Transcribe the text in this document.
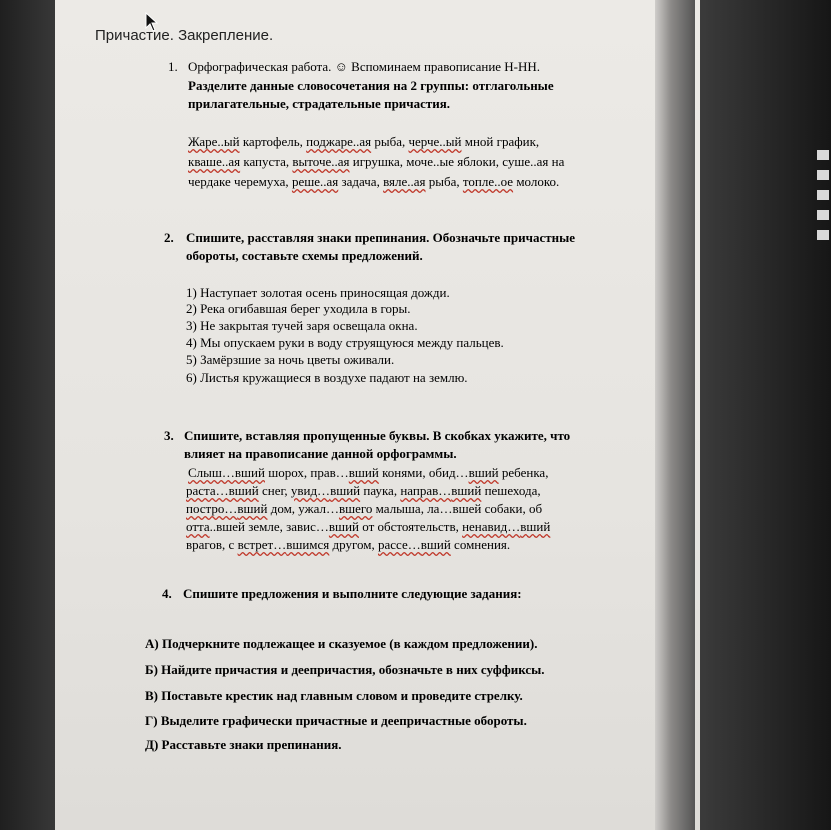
Причастие. Закрепление.
1. Орфографическая работа. ☺ Вспоминаем правописание Н-НН.
Разделите данные словосочетания на 2 группы: отглагольные
прилагательные, страдательные причастия.
Жаре..ый картофель, поджаре..ая рыба, черче..ый мной график,
кваше..ая капуста, выточе..ая игрушка, моче..ые яблоки, суше..ая на
чердаке черемуха, реше..ая задача, вяле..ая рыба, топле..ое молоко.
2. Спишите, расставляя знаки препинания. Обозначьте причастные
обороты, составьте схемы предложений.
1) Наступает золотая осень приносящая дожди.
2) Река огибавшая берег уходила в горы.
3) Не закрытая тучей заря освещала окна.
4) Мы опускаем руки в воду струящуюся между пальцев.
5) Замёрзшие за ночь цветы оживали.
6) Листья кружащиеся в воздухе падают на землю.
3. Спишите, вставляя пропущенные буквы. В скобках укажите, что
влияет на правописание данной орфограммы.
Слыш…вший шорох, прав…вший конями, обид…вший ребенка,
раста…вший снег, увид…вший паука, направ…вший пешехода,
постро…вший дом, ужал…вшего малыша, ла…вшей собаки, об
отта..вшей земле, завис…вший от обстоятельств, ненавид…вший
врагов, с встрет…вшимся другом, рассе…вший сомнения.
4. Спишите предложения и выполните следующие задания:
А) Подчеркните подлежащее и сказуемое (в каждом предложении).
Б) Найдите причастия и деепричастия, обозначьте в них суффиксы.
В) Поставьте крестик над главным словом и проведите стрелку.
Г) Выделите графически причастные и деепричастные обороты.
Д) Расставьте знаки препинания.
